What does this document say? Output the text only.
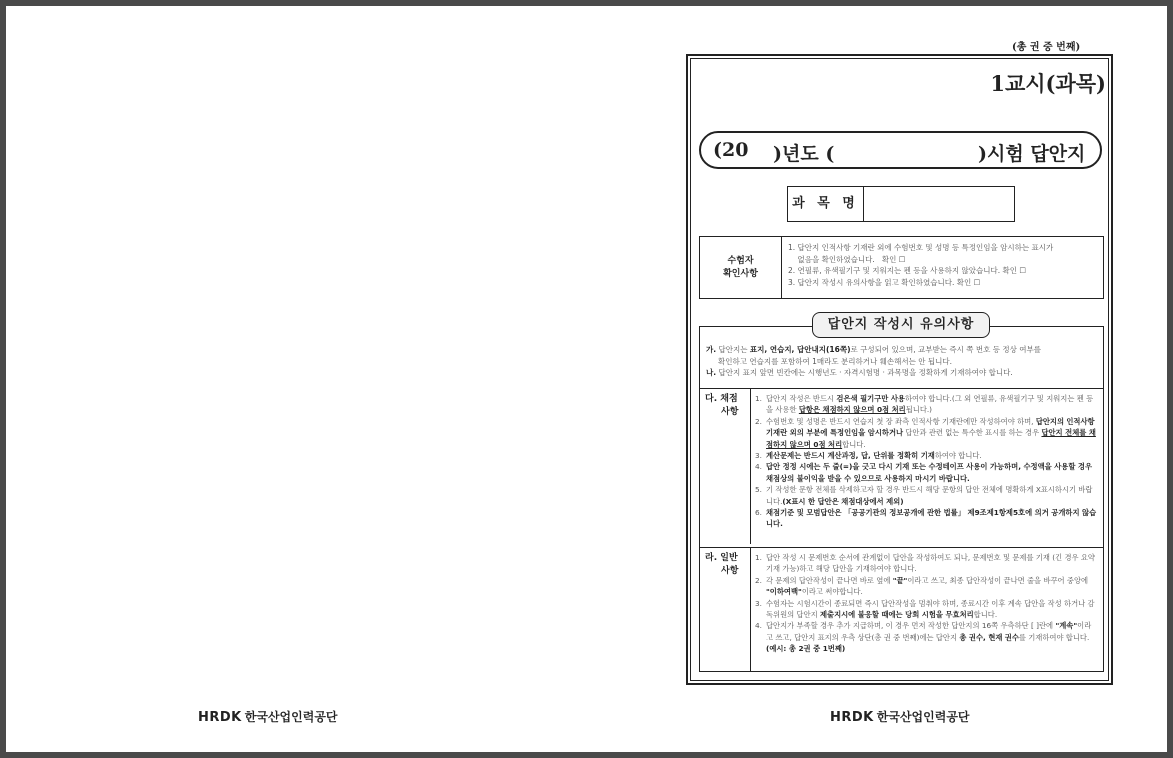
HRDK 한국산업인력공단	HRDK 한국산업인력공단
(총 권 중 번째)
1교시(과목)
(20 )년도 (	)시험 답안지
과 목 명
수험자
확인사항
1. 답안지 인적사항 기재란 외에 수험번호 및 성명 등 특정인임을 암시하는 표시가
없음을 확인하였습니다.   확인 ☐
2. 연필류, 유색필기구 및 지워지는 펜 등을 사용하지 않았습니다. 확인 ☐
3. 답안지 작성시 유의사항을 읽고 확인하였습니다. 확인 ☐
답안지 작성시 유의사항
가. 답안지는 표지, 연습지, 답안내지(16쪽)로 구성되어 있으며, 교부받는 즉시 쪽 번호 등 정상 여부를
확인하고 연습지를 포함하여 1매라도 분리하거나 훼손해서는 안 됩니다.
나. 답안지 표지 앞면 빈칸에는 시행년도 · 자격시험명 · 과목명을 정확하게 기재하여야 합니다.
다. 채점
사항
1. 답안지 작성은 반드시 검은색 필기구만 사용하여야 합니다.(그 외 연필류, 유색필기구 및 지워지는 펜 등을 사용한 답항은 채점하지 않으며 0점 처리됩니다.)
2. 수험번호 및 성명은 반드시 연습지 첫 장 좌측 인적사항 기재란에만 작성하여야 하며, 답안지의 인적사항 기재란 외의 부분에 특정인임을 암시하거나 답안과 관련 없는 특수한 표시를 하는 경우 답안지 전체를 채점하지 않으며 0점 처리합니다.
3. 계산문제는 반드시 계산과정, 답, 단위를 정확히 기재하여야 합니다.
4. 답안 정정 시에는 두 줄(=)을 긋고 다시 기재 또는 수정테이프 사용이 가능하며, 수정액을 사용할 경우 채점상의 불이익을 받을 수 있으므로 사용하지 마시기 바랍니다.
5. 기 작성한 문항 전체를 삭제하고자 할 경우 반드시 해당 문항의 답안 전체에 명확하게 X표시하시기 바랍니다.(X표시 한 답안은 채점대상에서 제외)
6. 채점기준 및 모범답안은 「공공기관의 정보공개에 관한 법률」 제9조제1항제5호에 의거 공개하지 않습니다.
라. 일반
사항
1. 답안 작성 시 문제번호 순서에 관계없이 답안을 작성하여도 되나, 문제번호 및 문제를 기재 (긴 경우 요약기재 가능)하고 해당 답안을 기재하여야 합니다.
2. 각 문제의 답안작성이 끝나면 바로 옆에 "끝"이라고 쓰고, 최종 답안작성이 끝나면 줄을 바꾸어 중앙에 "이하여백"이라고 써야합니다.
3. 수험자는 시험시간이 종료되면 즉시 답안작성을 멈춰야 하며, 종료시간 이후 계속 답안을 작성 하거나 감독위원의 답안지 제출지시에 불응할 때에는 당회 시험을 무효처리합니다.
4. 답안지가 부족할 경우 추가 지급하며, 이 경우 먼저 작성한 답안지의 16쪽 우측하단 [ ]란에 "계속"이라고 쓰고, 답안지 표지의 우측 상단(총 권 중 번째)에는 답안지 총 권수, 현재 권수를 기재하여야 합니다.(예시: 총 2권 중 1번째)
